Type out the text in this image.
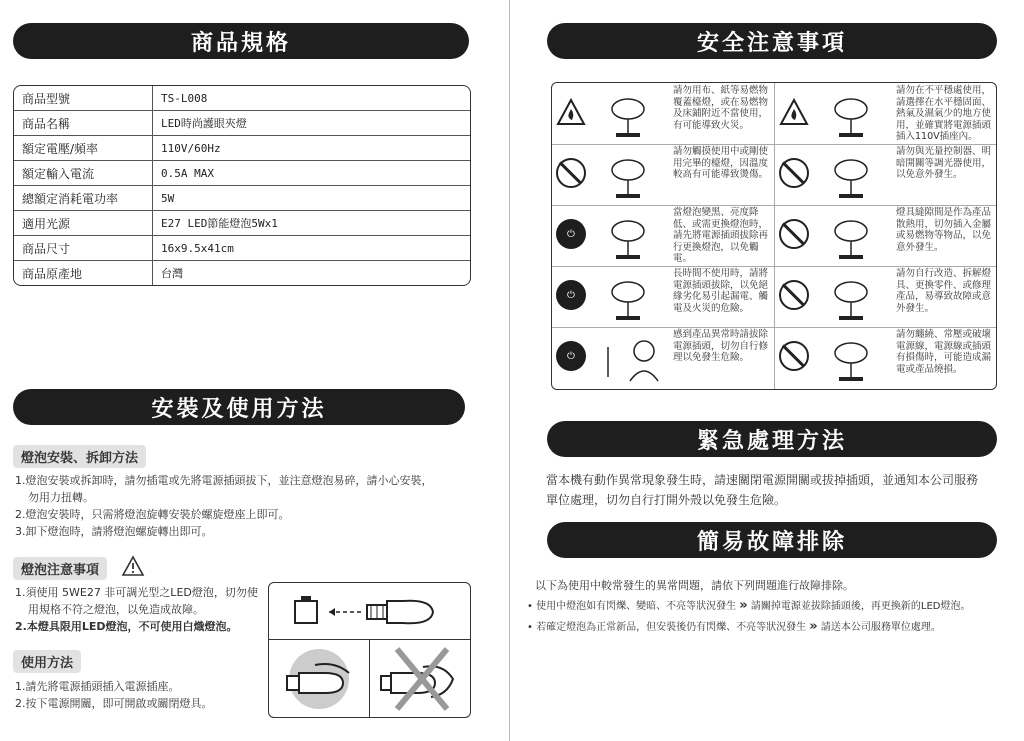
商品規格
商品型號	TS-L008
商品名稱	LED時尚護眼夾燈
額定電壓/頻率	110V/60Hz
額定輸入電流	0.5A MAX
總額定消耗電功率	5W
適用光源	E27 LED節能燈泡5Wx1
商品尺寸	16x9.5x41cm
商品原產地	台灣
安裝及使用方法
燈泡安裝、拆卸方法
1.燈泡安裝或拆卸時，請勿插電或先將電源插頭拔下，並注意燈泡易碎，請小心安裝，
勿用力扭轉。
2.燈泡安裝時，只需將燈泡旋轉安裝於螺旋燈座上即可。
3.卸下燈泡時，請將燈泡螺旋轉出即可。
燈泡注意事項
1.須使用 5WE27 非可調光型之LED燈泡，切勿使
用規格不符之燈泡，以免造成故障。
2.本燈具限用LED燈泡，不可使用白熾燈泡。
使用方法
1.請先將電源插頭插入電源插座。
2.按下電源開關，即可開啟或關閉燈具。
安全注意事項
請勿用布、紙等易燃物覆蓋檯燈，或在易燃物及床鋪附近不當使用，有可能導致火災。
請勿觸摸使用中或剛使用完畢的檯燈，因溫度較高有可能導致燙傷。
⏻
當燈泡變黑、亮度降低、或需更換燈泡時，請先將電源插頭拔除再行更換燈泡，以免觸電。
⏻
長時間不使用時，請將電源插頭拔除，以免絕緣劣化易引起漏電、觸電及火災的危險。
⏻
感到產品異常時請拔除電源插頭，切勿自行修理以免發生危險。
請勿在不平穩處使用，請選擇在水平穩固面、熱氣及濕氣少的地方使用，並確實將電源插頭插入110V插座內。
請勿與光量控制器、明暗開關等調光器使用，以免意外發生。
燈具縫隙間是作為產品散熱用，切勿插入金屬或易燃物等物品，以免意外發生。
請勿自行改造、拆解燈具、更換零件、或修理產品，易導致故障或意外發生。
請勿纏繞、常壓或破壞電源線，電源線或插頭有損傷時，可能造成漏電或產品燒損。
緊急處理方法
當本機有動作異常現象發生時，請速關閉電源開關或拔掉插頭，並通知本公司服務
單位處理，切勿自行打開外殼以免發生危險。
簡易故障排除
以下為使用中較常發生的異常問題，請依下列問題進行故障排除。
• 使用中燈泡如有閃爍、變暗、不亮等狀況發生 » 請關掉電源並拔除插頭後，再更換新的LED燈泡。
• 若確定燈泡為正常新品，但安裝後仍有閃爍、不亮等狀況發生 » 請送本公司服務單位處理。
